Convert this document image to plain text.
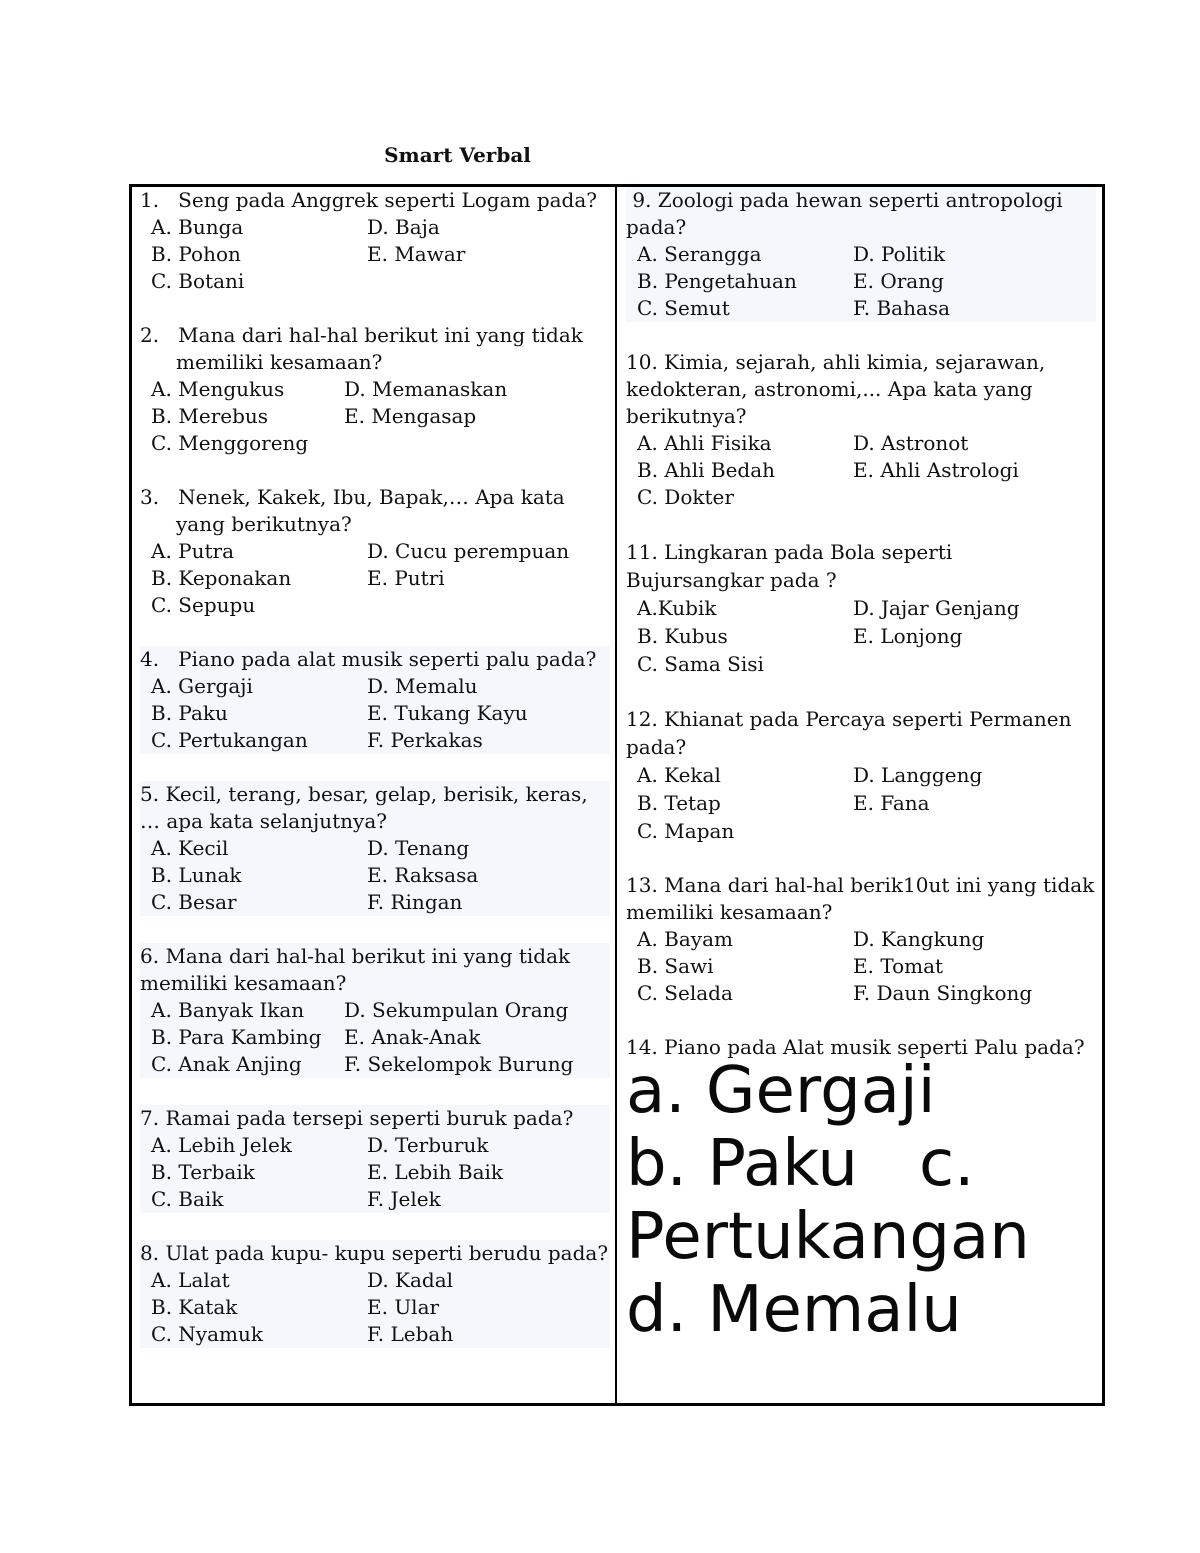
Smart Verbal
1. Seng pada Anggrek seperti Logam pada?
A. Bunga	D. Baja
B. Pohon	E. Mawar
C. Botani
2. Mana dari hal-hal berikut ini yang tidak memiliki kesamaan?
A. Mengukus	D. Memanaskan
B. Merebus	E. Mengasap
C. Menggoreng
3. Nenek, Kakek, Ibu, Bapak,… Apa kata yang berikutnya?
A. Putra	D. Cucu perempuan
B. Keponakan	E. Putri
C. Sepupu
4. Piano pada alat musik seperti palu pada?
A. Gergaji	D. Memalu
B. Paku	E. Tukang Kayu
C. Pertukangan	F. Perkakas
5. Kecil, terang, besar, gelap, berisik, keras, … apa kata selanjutnya?
A. Kecil	D. Tenang
B. Lunak	E. Raksasa
C. Besar	F. Ringan
6. Mana dari hal-hal berikut ini yang tidak memiliki kesamaan?
A. Banyak Ikan	D. Sekumpulan Orang
B. Para Kambing	E. Anak-Anak
C. Anak Anjing	F. Sekelompok Burung
7. Ramai pada tersepi seperti buruk pada?
A. Lebih Jelek	D. Terburuk
B. Terbaik	E. Lebih Baik
C. Baik	F. Jelek
8. Ulat pada kupu- kupu seperti berudu pada?
A. Lalat	D. Kadal
B. Katak	E. Ular
C. Nyamuk	F. Lebah
9. Zoologi pada hewan seperti antropologi pada?
A. Serangga	D. Politik
B. Pengetahuan	E. Orang
C. Semut	F. Bahasa
10. Kimia, sejarah, ahli kimia, sejarawan, kedokteran, astronomi,... Apa kata yang berikutnya?
A. Ahli Fisika	D. Astronot
B. Ahli Bedah	E. Ahli Astrologi
C. Dokter
11. Lingkaran pada Bola seperti Bujursangkar pada ?
A.Kubik	D. Jajar Genjang
B. Kubus	E. Lonjong
C. Sama Sisi
12. Khianat pada Percaya seperti Permanen pada?
A. Kekal	D. Langgeng
B. Tetap	E. Fana
C. Mapan
13. Mana dari hal-hal berik10ut ini yang tidak memiliki kesamaan?
A. Bayam	D. Kangkung
B. Sawi	E. Tomat
C. Selada	F. Daun Singkong
14. Piano pada Alat musik seperti Palu pada?
a. Gergaji
b. Paku c. Pertukangan
d. Memalu
